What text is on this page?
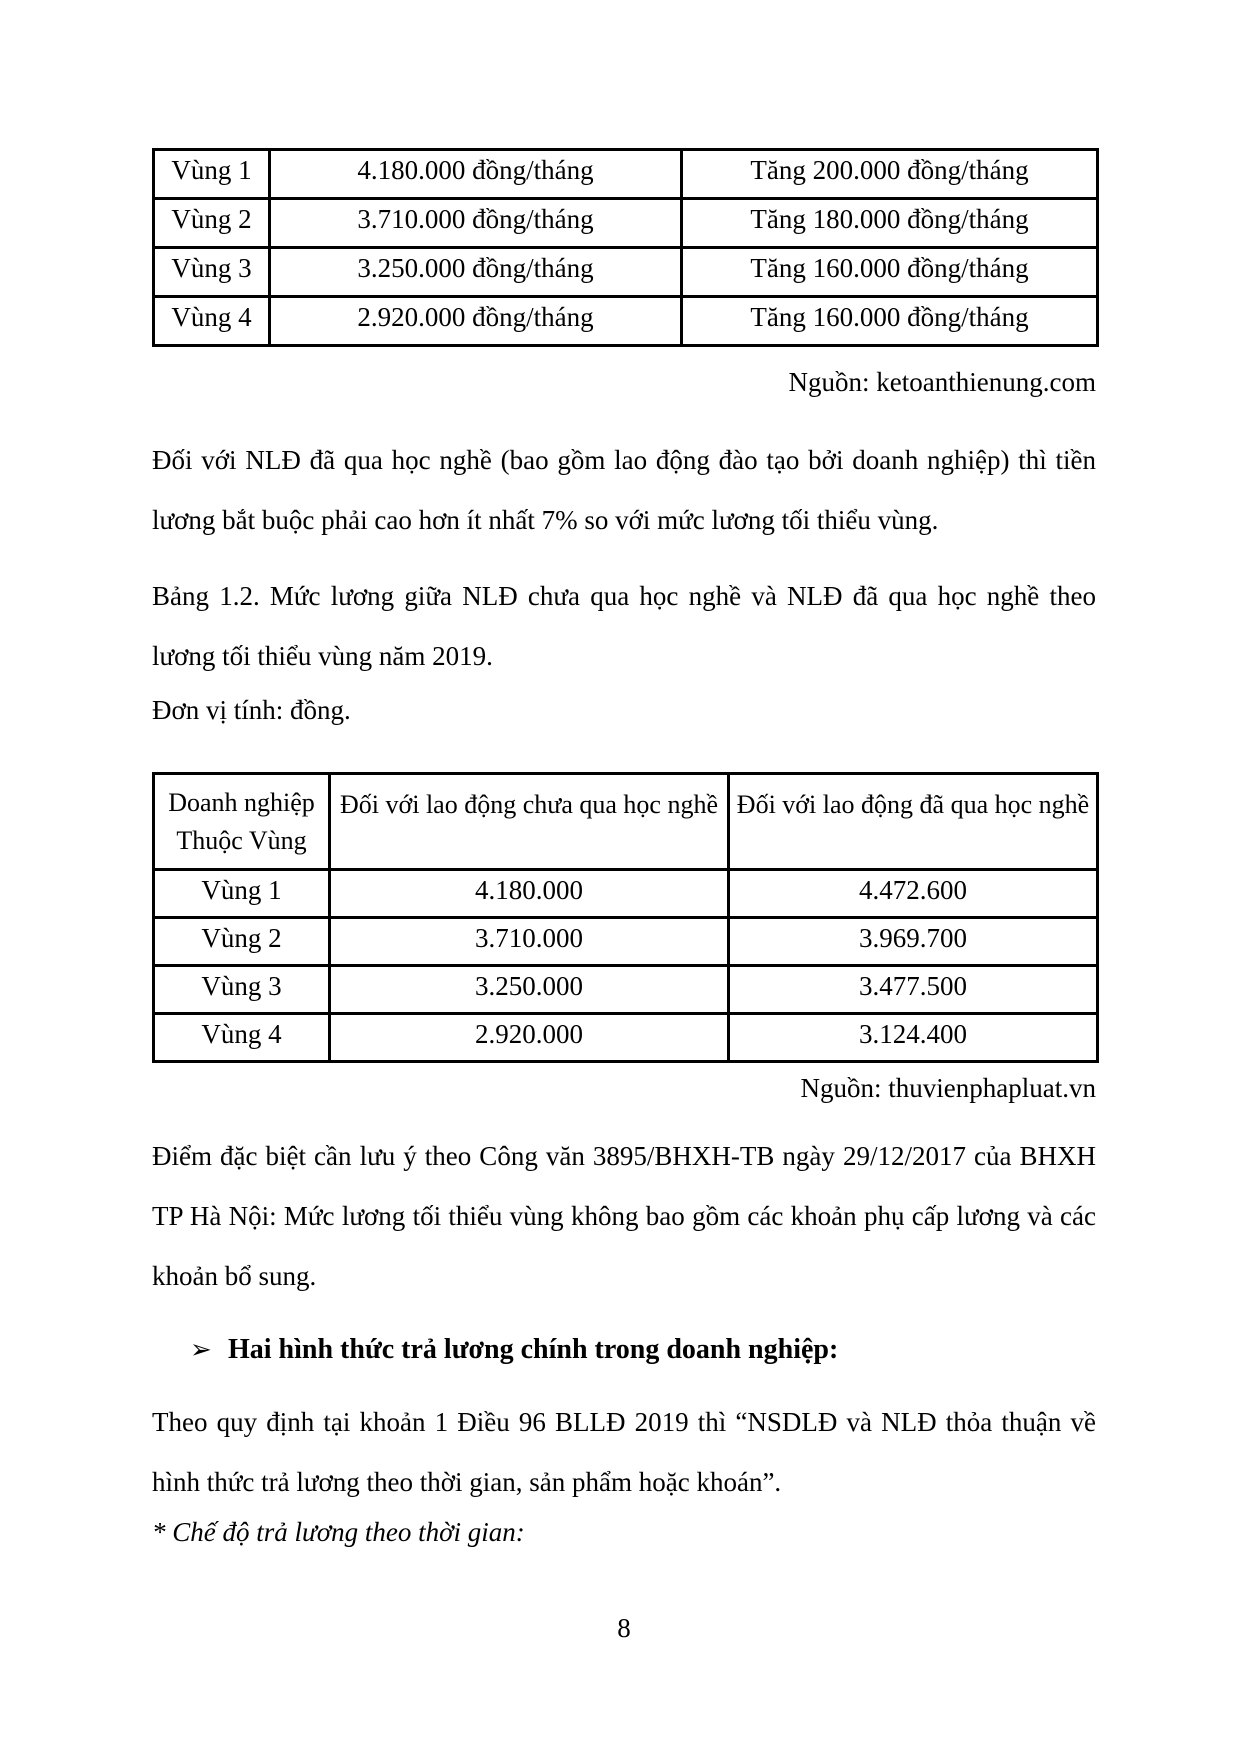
Vùng 1	4.180.000 đồng/tháng	Tăng 200.000 đồng/tháng
Vùng 2	3.710.000 đồng/tháng	Tăng 180.000 đồng/tháng
Vùng 3	3.250.000 đồng/tháng	Tăng 160.000 đồng/tháng
Vùng 4	2.920.000 đồng/tháng	Tăng 160.000 đồng/tháng
Nguồn: ketoanthienung.com
Đối với NLĐ đã qua học nghề (bao gồm lao động đào tạo bởi doanh nghiệp) thì tiền lương bắt buộc phải cao hơn ít nhất 7% so với mức lương tối thiểu vùng.
Bảng 1.2. Mức lương giữa NLĐ chưa qua học nghề và NLĐ đã qua học nghề theo lương tối thiểu vùng năm 2019.
Đơn vị tính: đồng.
Doanh nghiệp
Thuộc Vùng	Đối với lao động chưa qua học nghề	Đối với lao động đã qua học nghề
Vùng 1	4.180.000	4.472.600
Vùng 2	3.710.000	3.969.700
Vùng 3	3.250.000	3.477.500
Vùng 4	2.920.000	3.124.400
Nguồn: thuvienphapluat.vn
Điểm đặc biệt cần lưu ý theo Công văn 3895/BHXH-TB ngày 29/12/2017 của BHXH TP Hà Nội: Mức lương tối thiểu vùng không bao gồm các khoản phụ cấp lương và các khoản bổ sung.
➢ Hai hình thức trả lương chính trong doanh nghiệp:
Theo quy định tại khoản 1 Điều 96 BLLĐ 2019 thì “NSDLĐ và NLĐ thỏa thuận về hình thức trả lương theo thời gian, sản phẩm hoặc khoán”.
* Chế độ trả lương theo thời gian:
8
